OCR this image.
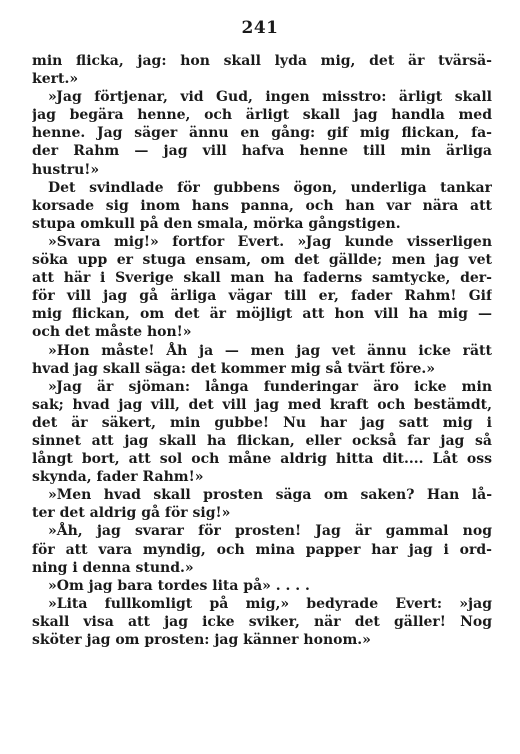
241
min flicka, jag: hon skall lyda mig, det är tvärsä-
kert.»
»Jag förtjenar, vid Gud, ingen misstro: ärligt skall
jag begära henne, och ärligt skall jag handla med
henne. Jag säger ännu en gång: gif mig flickan, fa-
der Rahm — jag vill hafva henne till min ärliga
hustru!»
Det svindlade för gubbens ögon, underliga tankar
korsade sig inom hans panna, och han var nära att
stupa omkull på den smala, mörka gångstigen.
»Svara mig!» fortfor Evert. »Jag kunde visserligen
söka upp er stuga ensam, om det gällde; men jag vet
att här i Sverige skall man ha faderns samtycke, der-
för vill jag gå ärliga vägar till er, fader Rahm! Gif
mig flickan, om det är möjligt att hon vill ha mig —
och det måste hon!»
»Hon måste! Åh ja — men jag vet ännu icke rätt
hvad jag skall säga: det kommer mig så tvärt före.»
»Jag är sjöman: långa funderingar äro icke min
sak; hvad jag vill, det vill jag med kraft och bestämdt,
det är säkert, min gubbe! Nu har jag satt mig i
sinnet att jag skall ha flickan, eller också far jag så
långt bort, att sol och måne aldrig hitta dit.... Låt oss
skynda, fader Rahm!»
»Men hvad skall prosten säga om saken? Han lå-
ter det aldrig gå för sig!»
»Åh, jag svarar för prosten! Jag är gammal nog
för att vara myndig, och mina papper har jag i ord-
ning i denna stund.»
»Om jag bara tordes lita på» . . . .
»Lita fullkomligt på mig,» bedyrade Evert: »jag
skall visa att jag icke sviker, när det gäller! Nog
sköter jag om prosten: jag känner honom.»
